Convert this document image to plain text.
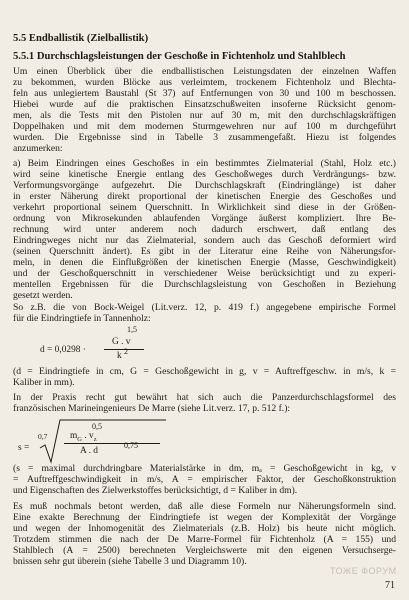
5.5 Endballistik (Zielballistik)
5.5.1 Durchschlagsleistungen der Geschoße in Fichtenholz und Stahlblech
Um einen Überblick über die endballistischen Leistungsdaten der einzelnen Waffen
zu bekommen, wurden Blöcke aus verleimtem, trockenem Fichtenholz und Blechta-
feln aus unlegiertem Baustahl (St 37) auf Entfernungen von 30 und 100 m beschossen.
Hiebei wurde auf die praktischen Einsatzschußweiten insoferne Rücksicht genom-
men, als die Tests mit den Pistolen nur auf 30 m, mit den durchschlagskräftigen
Doppelhaken und mit dem modernen Sturmgewehren nur auf 100 m durchgeführt
wurden. Die Ergebnisse sind in Tabelle 3 zusammengefaßt. Hiezu ist folgendes
anzumerken:
a) Beim Eindringen eines Geschoßes in ein bestimmtes Zielmaterial (Stahl, Holz etc.)
wird seine kinetische Energie entlang des Geschoßweges durch Verdrängungs- bzw.
Verformungsvorgänge aufgezehrt. Die Durchschlagskraft (Eindringlänge) ist daher
in erster Näherung direkt proportional der kinetischen Energie des Geschoßes und
verkehrt proportional seinem Querschnitt. In Wirklichkeit sind diese in der Größen-
ordnung von Mikrosekunden ablaufenden Vorgänge äußerst kompliziert. Ihre Be-
rechnung wird unter anderem noch dadurch erschwert, daß entlang des
Eindringweges nicht nur das Zielmaterial, sondern auch das Geschoß deformiert wird
(seinen Querschnitt ändert). Es gibt in der Literatur eine Reihe von Näherungsfor-
meln, in denen die Einflußgrößen der kinetischen Energie (Masse, Geschwindigkeit)
und der Geschoßquerschnitt in verschiedener Weise berücksichtigt und zu experi-
mentellen Ergebnissen für die Durchschlagsleistung von Geschoßen in Beziehung
gesetzt werden.
So z.B. die von Bock-Weigel (Lit.verz. 12, p. 419 f.) angegebene empirische Formel
für die Eindringtiefe in Tannenholz:
d = 0,0298 ·
G . v
1,5
k 2
(d = Eindringtiefe in cm, G = Geschoßgewicht in g, v = Auftreffgeschw. in m/s, k =
Kaliber in mm).
In der Praxis recht gut bewährt hat sich auch die Panzerdurchschlagsformel des
französischen Marineingenieurs De Marre (siehe Lit.verz. 17, p. 512 f.):
s =
0,7
0,5
$m_G$ . $v_z$
A . d
0,75
(s = maximal durchdringbare Materialstärke in dm, mₐ = Geschoßgewicht in kg, v
= Auftreffgeschwindigkeit in m/s, A = empirischer Faktor, der Geschoßkonstruktion
und Eigenschaften des Zielwerkstoffes berücksichtigt, d = Kaliber in dm).
Es muß nochmals betont werden, daß alle diese Formeln nur Näherungsformeln sind.
Eine exakte Berechnung der Eindringtiefe ist wegen der Komplexität der Vorgänge
und wegen der Inhomogenität des Zielmaterials (z.B. Holz) bis heute nicht möglich.
Trotzdem stimmen die nach der De Marre-Formel für Fichtenholz (A = 155) und
Stahlblech (A = 2500) berechneten Vergleichswerte mit den eigenen Versuchserge-
bnissen sehr gut überein (siehe Tabelle 3 und Diagramm 10).
ТОЖЕ ФОРУМ
71
